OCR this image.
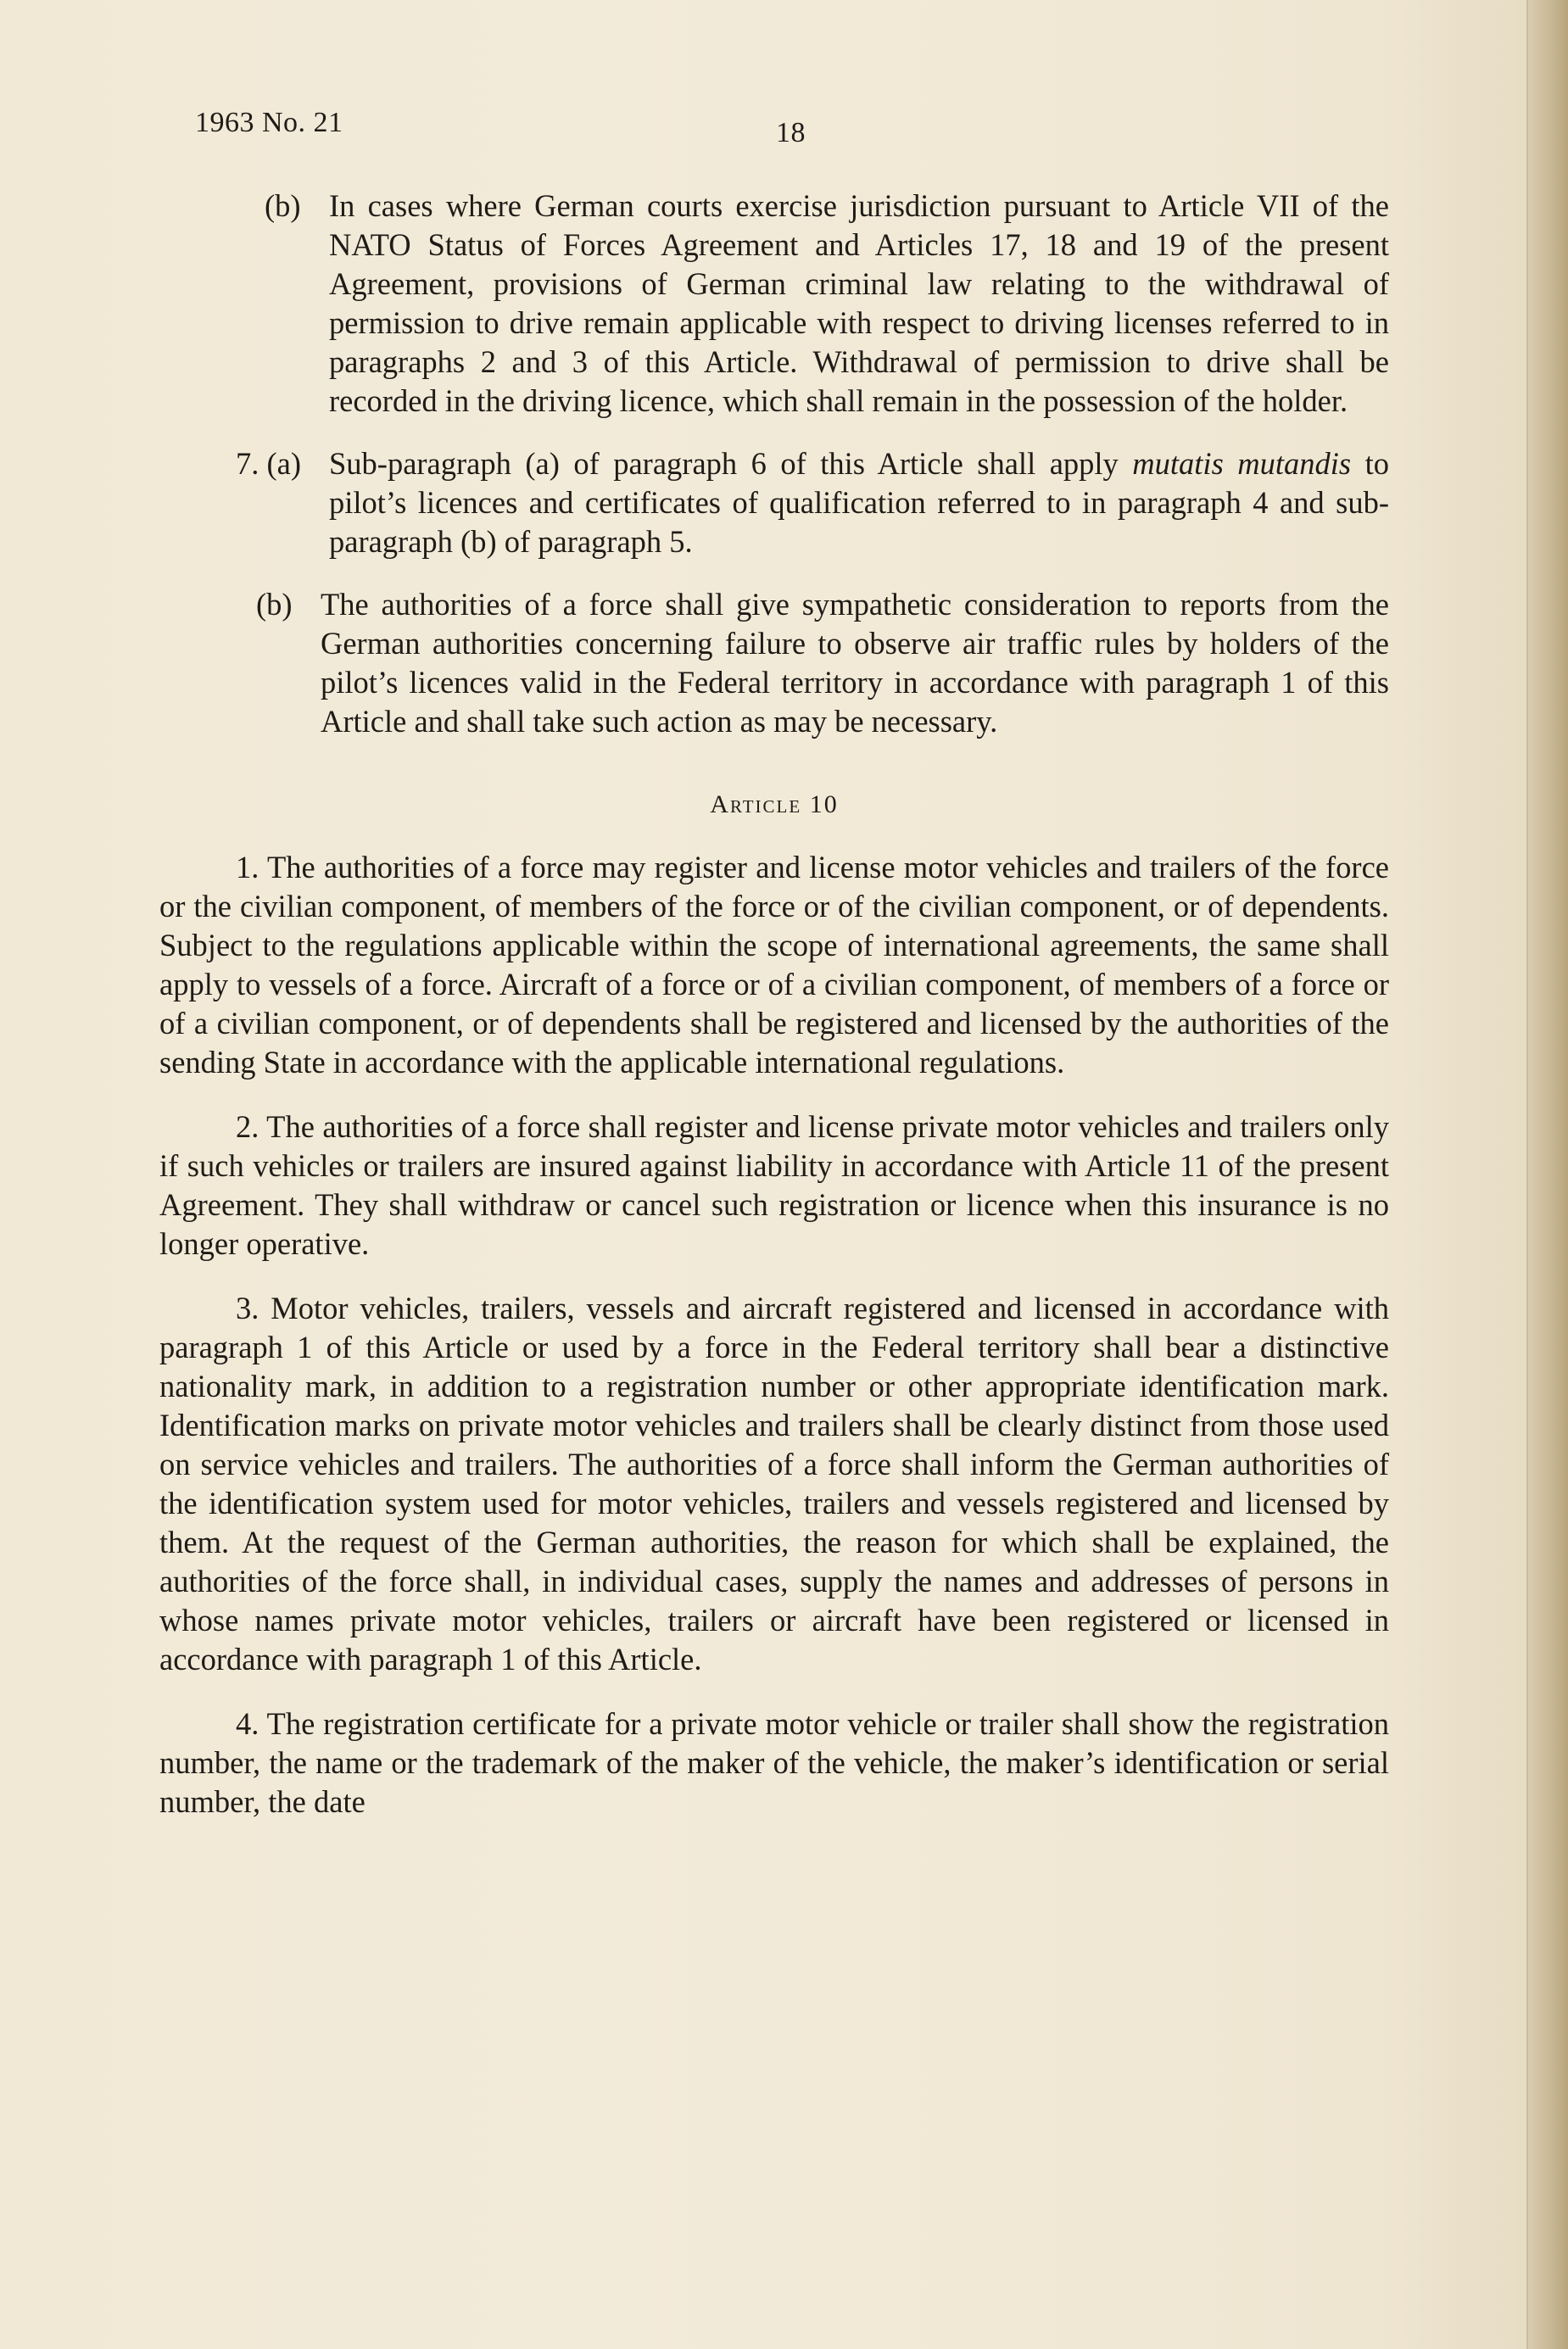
1963 No. 21	18
(b) In cases where German courts exercise jurisdiction pursuant to Article VII of the NATO Status of Forces Agreement and Articles 17, 18 and 19 of the present Agreement, provisions of German criminal law relating to the withdrawal of permission to drive remain applicable with respect to driving licenses referred to in paragraphs 2 and 3 of this Article. Withdrawal of permission to drive shall be recorded in the driving licence, which shall remain in the possession of the holder.
7. (a) Sub-paragraph (a) of paragraph 6 of this Article shall apply mutatis mutandis to pilot’s licences and certificates of qualification referred to in paragraph 4 and sub-paragraph (b) of paragraph 5.
(b) The authorities of a force shall give sympathetic consideration to reports from the German authorities concerning failure to observe air traffic rules by holders of the pilot’s licences valid in the Federal territory in accordance with paragraph 1 of this Article and shall take such action as may be necessary.
Article 10

1. The authorities of a force may register and license motor vehicles and trailers of the force or the civilian component, of members of the force or of the civilian component, or of dependents. Subject to the regulations applicable within the scope of international agreements, the same shall apply to vessels of a force. Aircraft of a force or of a civilian component, of members of a force or of a civilian component, or of dependents shall be registered and licensed by the authorities of the sending State in accordance with the applicable international regulations.

2. The authorities of a force shall register and license private motor vehicles and trailers only if such vehicles or trailers are insured against liability in accordance with Article 11 of the present Agreement. They shall withdraw or cancel such registration or licence when this insurance is no longer operative.

3. Motor vehicles, trailers, vessels and aircraft registered and licensed in accordance with paragraph 1 of this Article or used by a force in the Federal territory shall bear a distinctive nationality mark, in addition to a registration number or other appropriate identification mark. Identification marks on private motor vehicles and trailers shall be clearly distinct from those used on service vehicles and trailers. The authorities of a force shall inform the German authorities of the identification system used for motor vehicles, trailers and vessels registered and licensed by them. At the request of the German authorities, the reason for which shall be explained, the authorities of the force shall, in individual cases, supply the names and addresses of persons in whose names private motor vehicles, trailers or aircraft have been registered or licensed in accordance with paragraph 1 of this Article.

4. The registration certificate for a private motor vehicle or trailer shall show the registration number, the name or the trademark of the maker of the vehicle, the maker’s identification or serial number, the date
